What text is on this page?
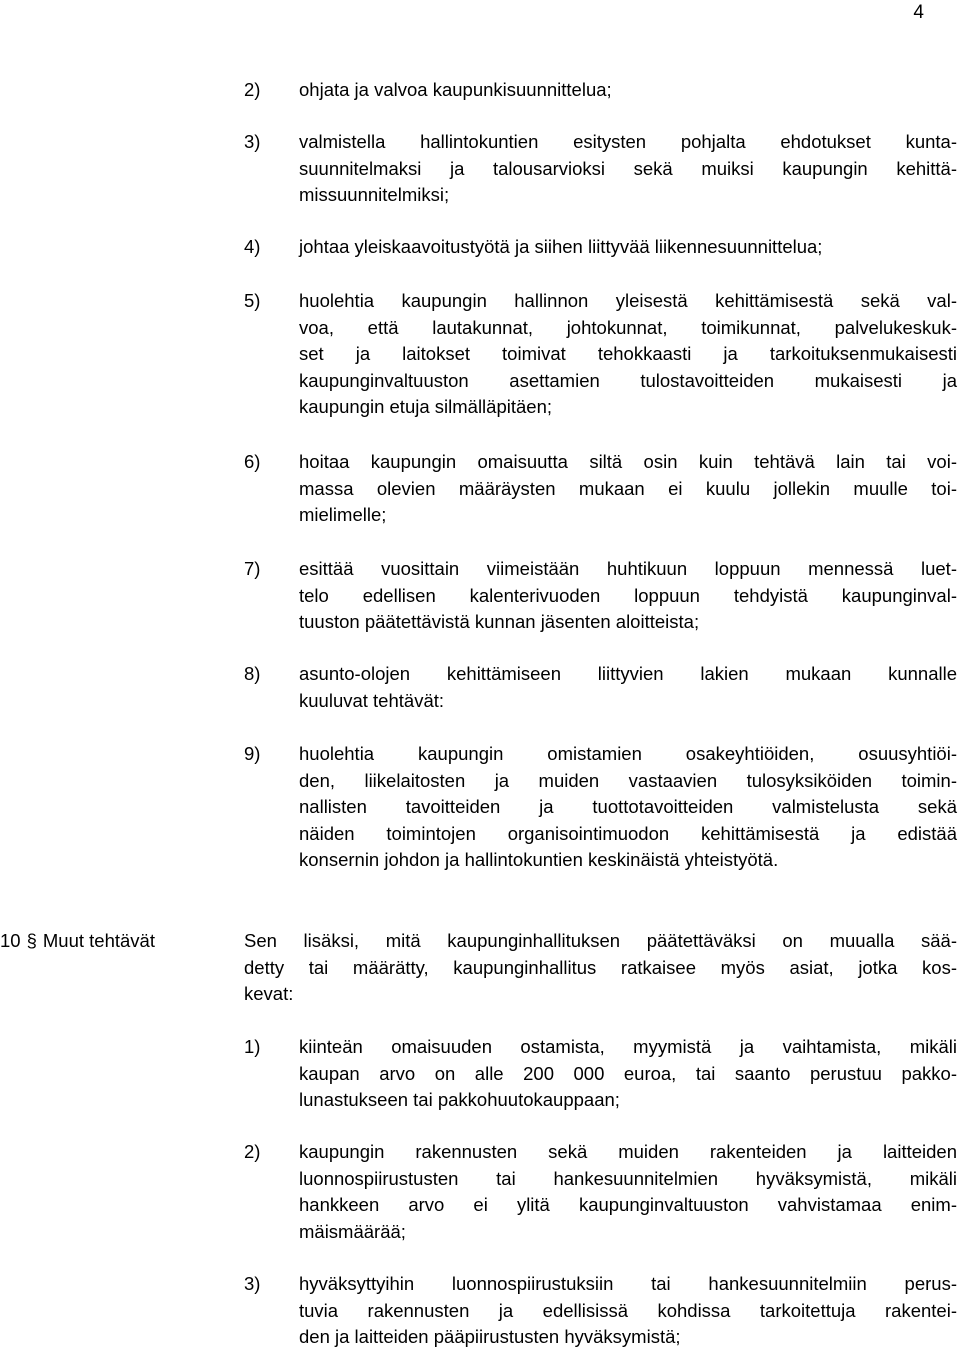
4
2) ohjata ja valvoa kaupunkisuunnittelua;
3) valmistella hallintokuntien esitysten pohjalta ehdotukset kunta-
suunnitelmaksi ja talousarvioksi sekä muiksi kaupungin kehittä-
missuunnitelmiksi;
4) johtaa yleiskaavoitustyötä ja siihen liittyvää liikennesuunnittelua;
5) huolehtia kaupungin hallinnon yleisestä kehittämisestä sekä val-
voa, että lautakunnat, johtokunnat, toimikunnat, palvelukeskuk-
set ja laitokset toimivat tehokkaasti ja tarkoituksenmukaisesti
kaupunginvaltuuston asettamien tulostavoitteiden mukaisesti ja
kaupungin etuja silmälläpitäen;
6) hoitaa kaupungin omaisuutta siltä osin kuin tehtävä lain tai voi-
massa olevien määräysten mukaan ei kuulu jollekin muulle toi-
mielimelle;
7) esittää vuosittain viimeistään huhtikuun loppuun mennessä luet-
telo edellisen kalenterivuoden loppuun tehdyistä kaupunginval-
tuuston päätettävistä kunnan jäsenten aloitteista;
8) asunto-olojen kehittämiseen liittyvien lakien mukaan kunnalle
kuuluvat tehtävät:
9) huolehtia kaupungin omistamien osakeyhtiöiden, osuusyhtiöi-
den, liikelaitosten ja muiden vastaavien tulosyksiköiden toimin-
nallisten tavoitteiden ja tuottotavoitteiden valmistelusta sekä
näiden toimintojen organisointimuodon kehittämisestä ja edistää
konsernin johdon ja hallintokuntien keskinäistä yhteistyötä.
10 § Muut tehtävät	Sen lisäksi, mitä kaupunginhallituksen päätettäväksi on muualla sää-
detty tai määrätty, kaupunginhallitus ratkaisee myös asiat, jotka kos-
kevat:
1) kiinteän omaisuuden ostamista, myymistä ja vaihtamista, mikäli
kaupan arvo on alle 200 000 euroa, tai saanto perustuu pakko-
lunastukseen tai pakkohuutokauppaan;
2) kaupungin rakennusten sekä muiden rakenteiden ja laitteiden
luonnospiirustusten tai hankesuunnitelmien hyväksymistä, mikäli
hankkeen arvo ei ylitä kaupunginvaltuuston vahvistamaa enim-
mäismäärää;
3) hyväksyttyihin luonnospiirustuksiin tai hankesuunnitelmiin perus-
tuvia rakennusten ja edellisissä kohdissa tarkoitettuja rakentei-
den ja laitteiden pääpiirustusten hyväksymistä;
